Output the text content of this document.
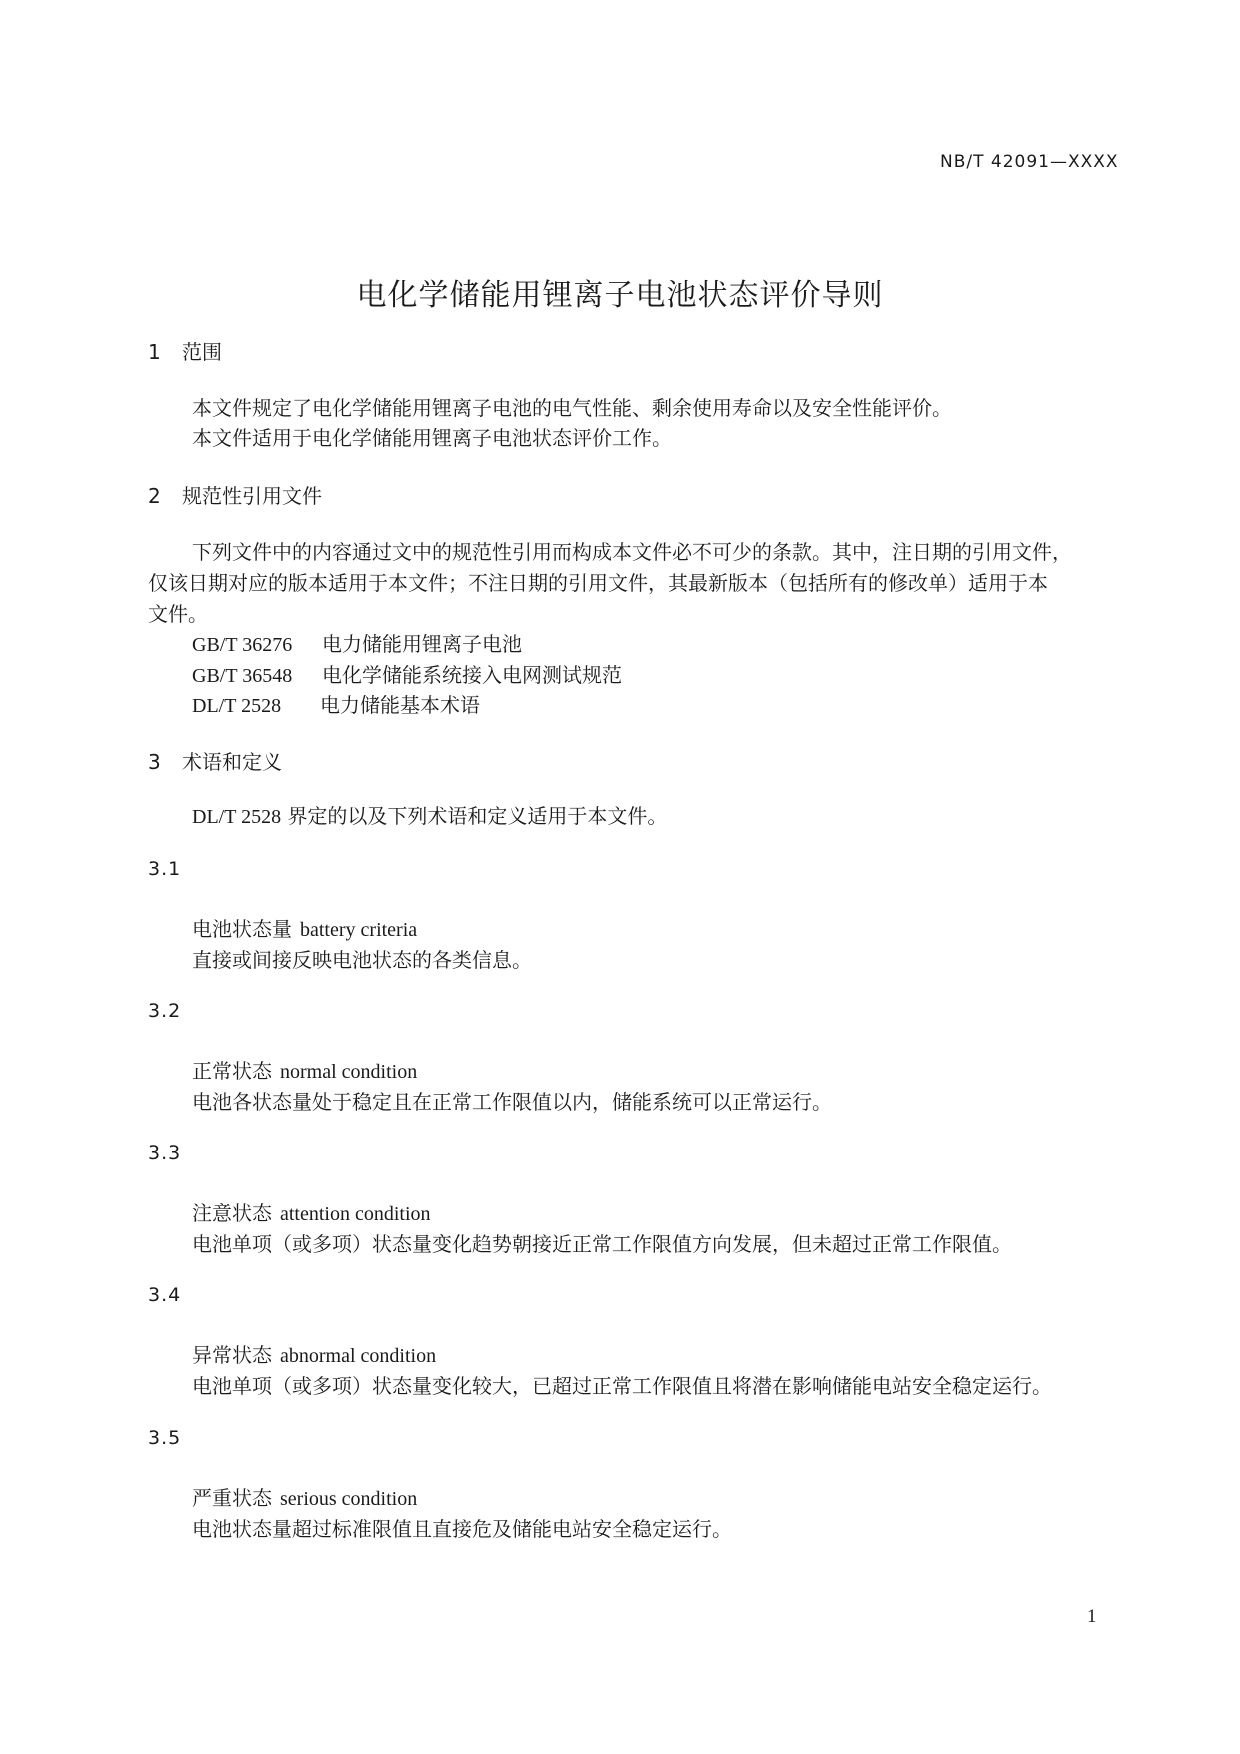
NB/T 42091—XXXX
电化学储能用锂离子电池状态评价导则
1 范围
本文件规定了电化学储能用锂离子电池的电气性能、剩余使用寿命以及安全性能评价。
本文件适用于电化学储能用锂离子电池状态评价工作。
2 规范性引用文件
下列文件中的内容通过文中的规范性引用而构成本文件必不可少的条款。其中，注日期的引用文件，
仅该日期对应的版本适用于本文件；不注日期的引用文件，其最新版本（包括所有的修改单）适用于本
文件。
GB/T 36276 电力储能用锂离子电池
GB/T 36548 电化学储能系统接入电网测试规范
DL/T 2528 电力储能基本术语
3 术语和定义
DL/T 2528 界定的以及下列术语和定义适用于本文件。
3.1
电池状态量 battery criteria
直接或间接反映电池状态的各类信息。
3.2
正常状态 normal condition
电池各状态量处于稳定且在正常工作限值以内，储能系统可以正常运行。
3.3
注意状态 attention condition
电池单项（或多项）状态量变化趋势朝接近正常工作限值方向发展，但未超过正常工作限值。
3.4
异常状态 abnormal condition
电池单项（或多项）状态量变化较大，已超过正常工作限值且将潜在影响储能电站安全稳定运行。
3.5
严重状态 serious condition
电池状态量超过标准限值且直接危及储能电站安全稳定运行。
1
